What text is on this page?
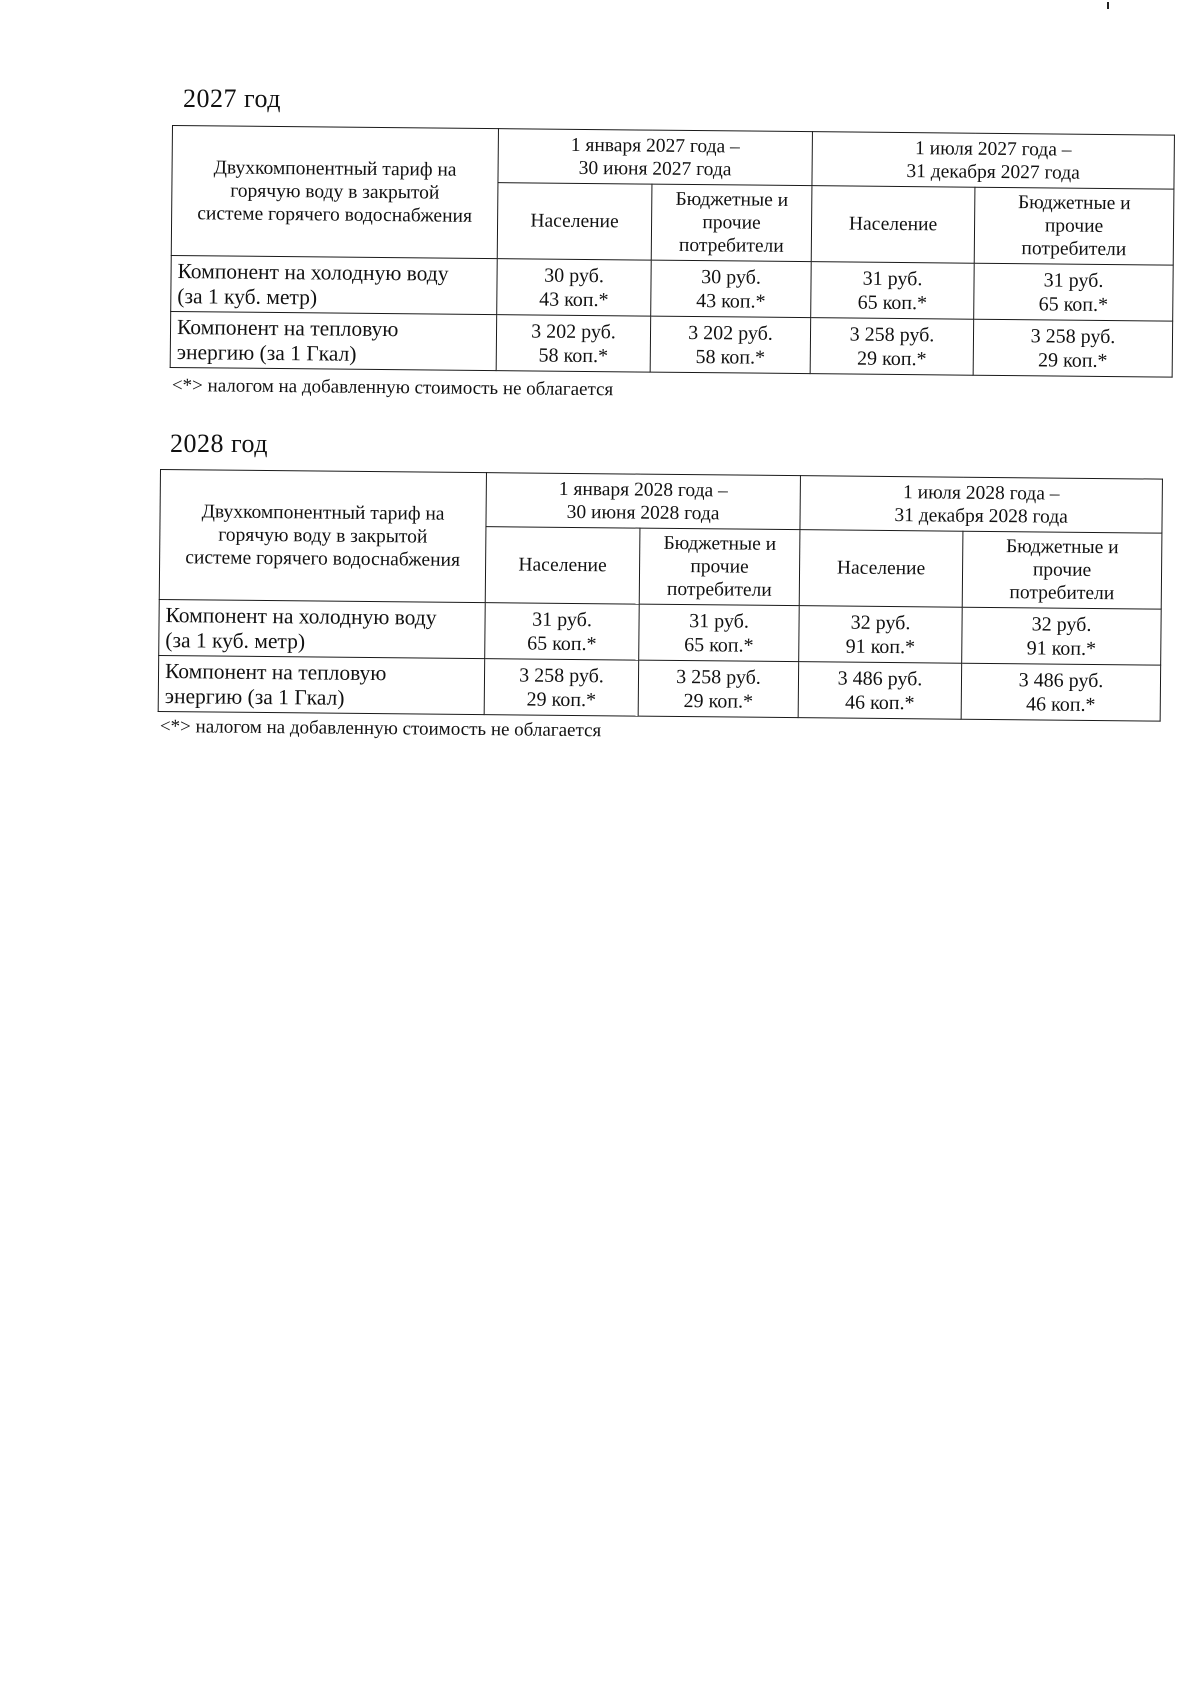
2027 год
Двухкомпонентный тариф на
горячую воду в закрытой
системе горячего водоснабжения	1 января 2027 года –
30 июня 2027 года		1 июля 2027 года –
31 декабря 2027 года	

	Население	Бюджетные и
прочие
потребители	Население	Бюджетные и
прочие
потребители

Компонент на холодную воду
(за 1 куб. метр)	30 руб.
43 коп.*	30 руб.
43 коп.*	31 руб.
65 коп.*	31 руб.
65 коп.*

Компонент на тепловую
энергию (за 1 Гкал)	3 202 руб.
58 коп.*	3 202 руб.
58 коп.*	3 258 руб.
29 коп.*	3 258 руб.
29 коп.*
<*> налогом на добавленную стоимость не облагается
2028 год
Двухкомпонентный тариф на
горячую воду в закрытой
системе горячего водоснабжения	1 января 2028 года –
30 июня 2028 года		1 июля 2028 года –
31 декабря 2028 года	

	Население	Бюджетные и
прочие
потребители	Население	Бюджетные и
прочие
потребители

Компонент на холодную воду
(за 1 куб. метр)	31 руб.
65 коп.*	31 руб.
65 коп.*	32 руб.
91 коп.*	32 руб.
91 коп.*

Компонент на тепловую
энергию (за 1 Гкал)	3 258 руб.
29 коп.*	3 258 руб.
29 коп.*	3 486 руб.
46 коп.*	3 486 руб.
46 коп.*
<*> налогом на добавленную стоимость не облагается
